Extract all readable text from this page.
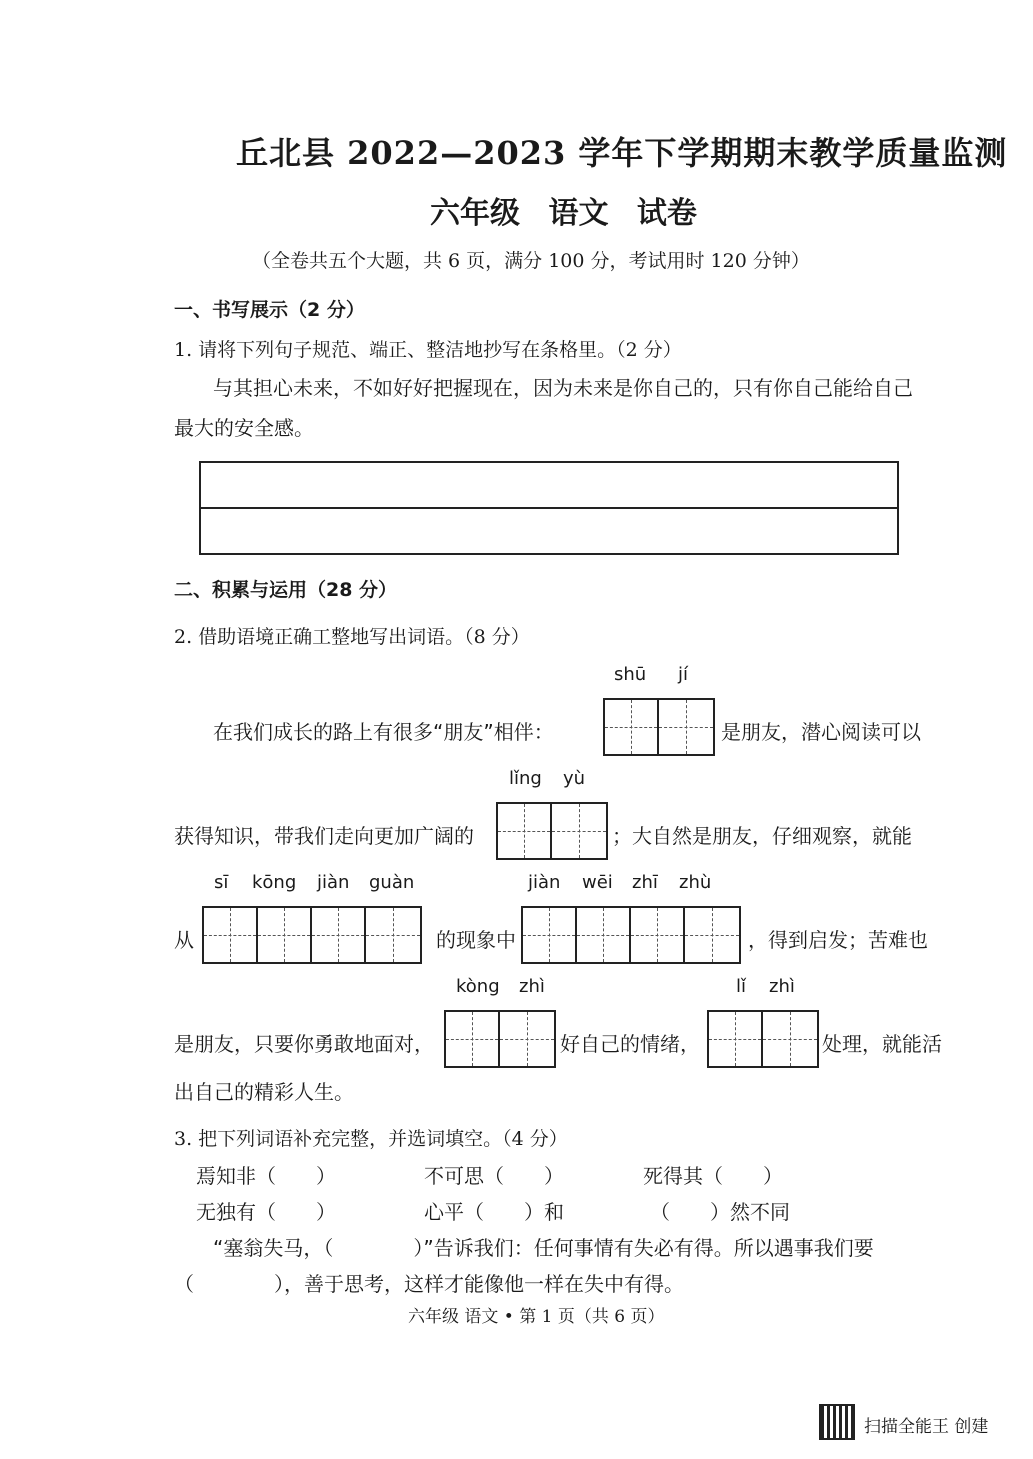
丘北县 2022—2023 学年下学期期末教学质量监测
六年级 语文 试卷
（全卷共五个大题，共 6 页，满分 100 分，考试用时 120 分钟）
一、书写展示（2 分）
1. 请将下列句子规范、端正、整洁地抄写在条格里。（2 分）
与其担心未来，不如好好把握现在，因为未来是你自己的，只有你自己能给自己
最大的安全感。
二、积累与运用（28 分）
2. 借助语境正确工整地写出词语。（8 分）
shū jí
在我们成长的路上有很多“朋友”相伴：	是朋友，潜心阅读可以
lǐng yù
获得知识，带我们走向更加广阔的	；大自然是朋友，仔细观察，就能
sī kōng jiàn guàn	jiàn wēi zhī zhù
从	的现象中	，得到启发；苦难也
kòng zhì	lǐ zhì
是朋友，只要你勇敢地面对，	好自己的情绪，	处理，就能活
出自己的精彩人生。
3. 把下列词语补充完整，并选词填空。（4 分）
焉知非（　　）	不可思（　　）	死得其（　　）
无独有（　　）	心平（　　）和	（　　）然不同
“塞翁失马，（　　　　）”告诉我们：任何事情有失必有得。所以遇事我们要
（　　　　），善于思考，这样才能像他一样在失中有得。
六年级 语文 • 第 1 页（共 6 页）
扫描全能王 创建
